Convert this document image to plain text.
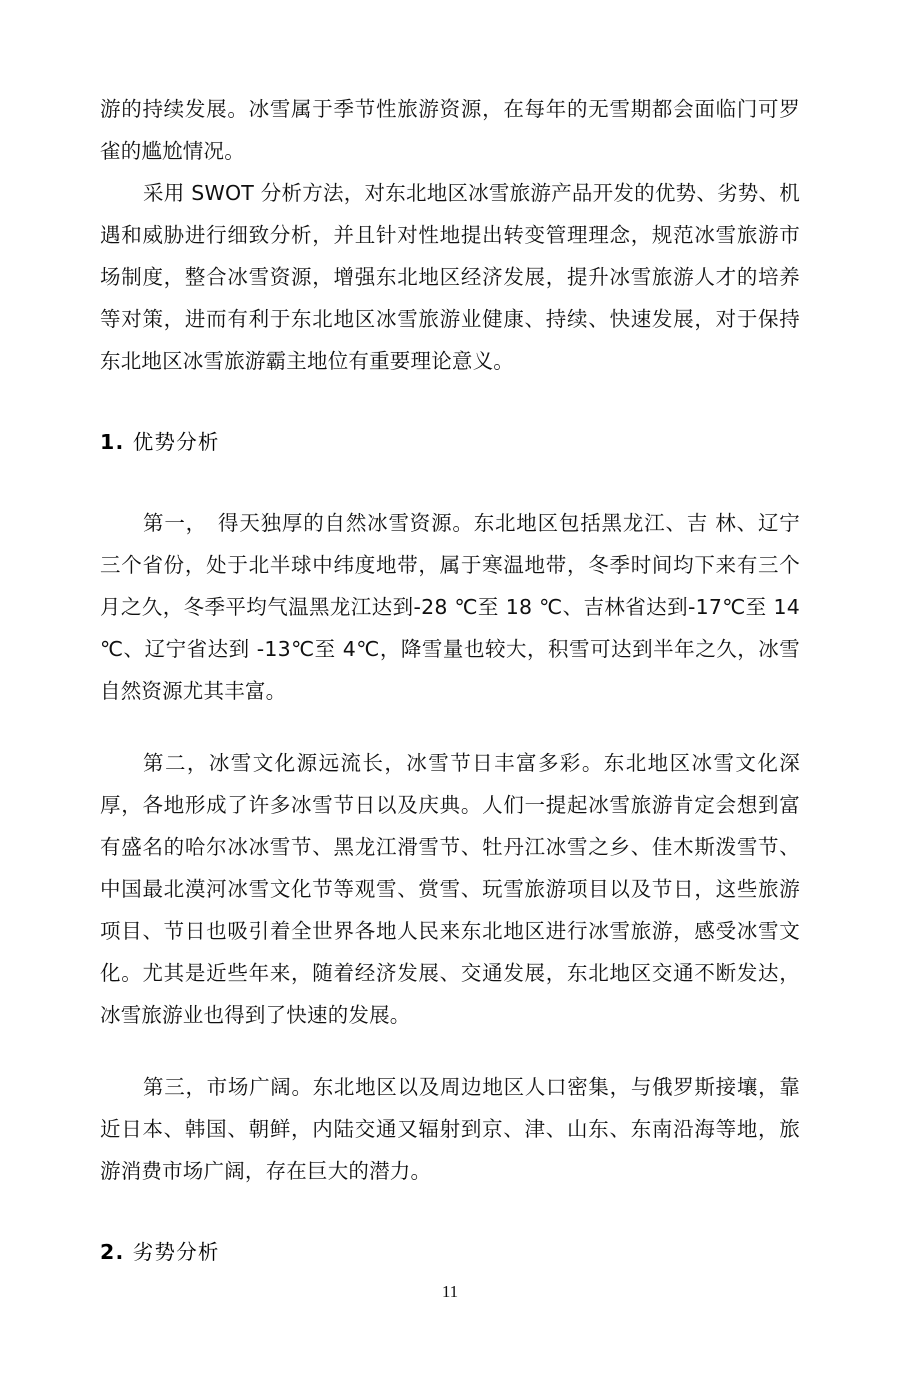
游的持续发展。冰雪属于季节性旅游资源，在每年的无雪期都会面临门可罗雀的尴尬情况。

采用 SWOT 分析方法，对东北地区冰雪旅游产品开发的优势、劣势、机遇和威胁进行细致分析，并且针对性地提出转变管理理念，规范冰雪旅游市场制度，整合冰雪资源，增强东北地区经济发展，提升冰雪旅游人才的培养等对策，进而有利于东北地区冰雪旅游业健康、持续、快速发展，对于保持东北地区冰雪旅游霸主地位有重要理论意义。

1. 优势分析

第一，　得天独厚的自然冰雪资源。东北地区包括黑龙江、吉 林、辽宁三个省份，处于北半球中纬度地带，属于寒温地带，冬季时间均下来有三个月之久，冬季平均气温黑龙江达到-28 ℃至 18 ℃、吉林省达到-17℃至 14 ℃、辽宁省达到 -13℃至 4℃，降雪量也较大，积雪可达到半年之久，冰雪自然资源尤其丰富。

第二，冰雪文化源远流长，冰雪节日丰富多彩。东北地区冰雪文化深厚，各地形成了许多冰雪节日以及庆典。人们一提起冰雪旅游肯定会想到富有盛名的哈尔冰冰雪节、黑龙江滑雪节、牡丹江冰雪之乡、佳木斯泼雪节、中国最北漠河冰雪文化节等观雪、赏雪、玩雪旅游项目以及节日，这些旅游项目、节日也吸引着全世界各地人民来东北地区进行冰雪旅游，感受冰雪文化。尤其是近些年来，随着经济发展、交通发展，东北地区交通不断发达，冰雪旅游业也得到了快速的发展。

第三，市场广阔。东北地区以及周边地区人口密集，与俄罗斯接壤，靠近日本、韩国、朝鲜，内陆交通又辐射到京、津、山东、东南沿海等地，旅游消费市场广阔，存在巨大的潜力。

2. 劣势分析
11
